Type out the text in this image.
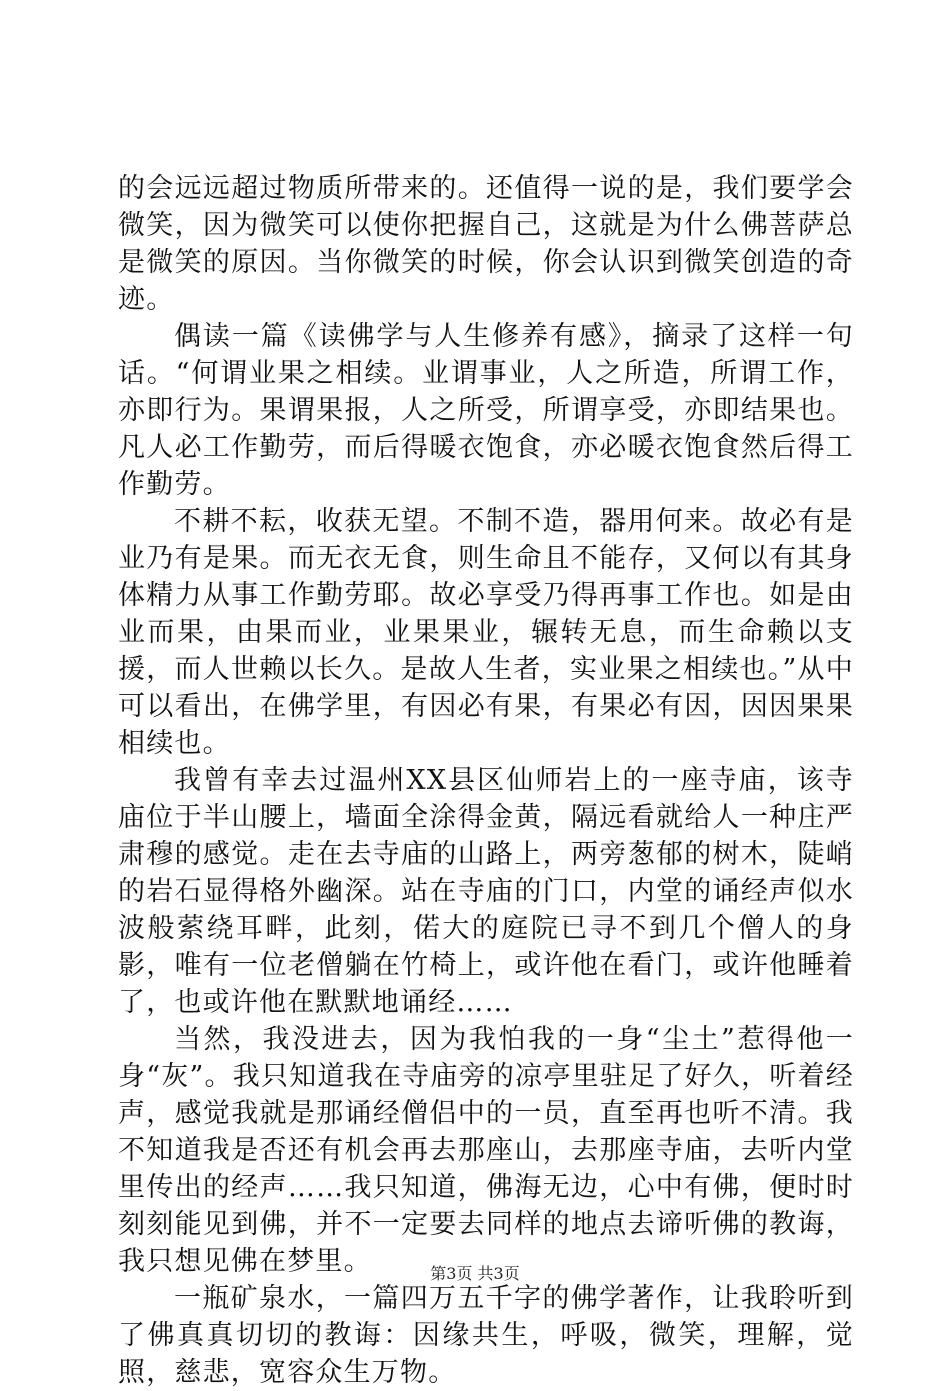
的会远远超过物质所带来的。还值得一说的是，我们要学会微笑，因为微笑可以使你把握自己，这就是为什么佛菩萨总是微笑的原因。当你微笑的时候，你会认识到微笑创造的奇迹。

偶读一篇《读佛学与人生修养有感》，摘录了这样一句话。“何谓业果之相续。业谓事业，人之所造，所谓工作，亦即行为。果谓果报，人之所受，所谓享受，亦即结果也。凡人必工作勤劳，而后得暖衣饱食，亦必暖衣饱食然后得工作勤劳。

不耕不耘，收获无望。不制不造，器用何来。故必有是业乃有是果。而无衣无食，则生命且不能存，又何以有其身体精力从事工作勤劳耶。故必享受乃得再事工作也。如是由业而果，由果而业，业果果业，辗转无息，而生命赖以支援，而人世赖以长久。是故人生者，实业果之相续也。”从中可以看出，在佛学里，有因必有果，有果必有因，因因果果相续也。

我曾有幸去过温州XX县区仙师岩上的一座寺庙，该寺庙位于半山腰上，墙面全涂得金黄，隔远看就给人一种庄严肃穆的感觉。走在去寺庙的山路上，两旁葱郁的树木，陡峭的岩石显得格外幽深。站在寺庙的门口，内堂的诵经声似水波般萦绕耳畔，此刻，偌大的庭院已寻不到几个僧人的身影，唯有一位老僧躺在竹椅上，或许他在看门，或许他睡着了，也或许他在默默地诵经……

当然，我没进去，因为我怕我的一身“尘土”惹得他一身“灰”。我只知道我在寺庙旁的凉亭里驻足了好久，听着经声，感觉我就是那诵经僧侣中的一员，直至再也听不清。我不知道我是否还有机会再去那座山，去那座寺庙，去听内堂里传出的经声……我只知道，佛海无边，心中有佛，便时时刻刻能见到佛，并不一定要去同样的地点去谛听佛的教诲，我只想见佛在梦里。

一瓶矿泉水，一篇四万五千字的佛学著作，让我聆听到了佛真真切切的教诲：因缘共生，呼吸，微笑，理解，觉照，慈悲，宽容众生万物。

第3页 共3页
